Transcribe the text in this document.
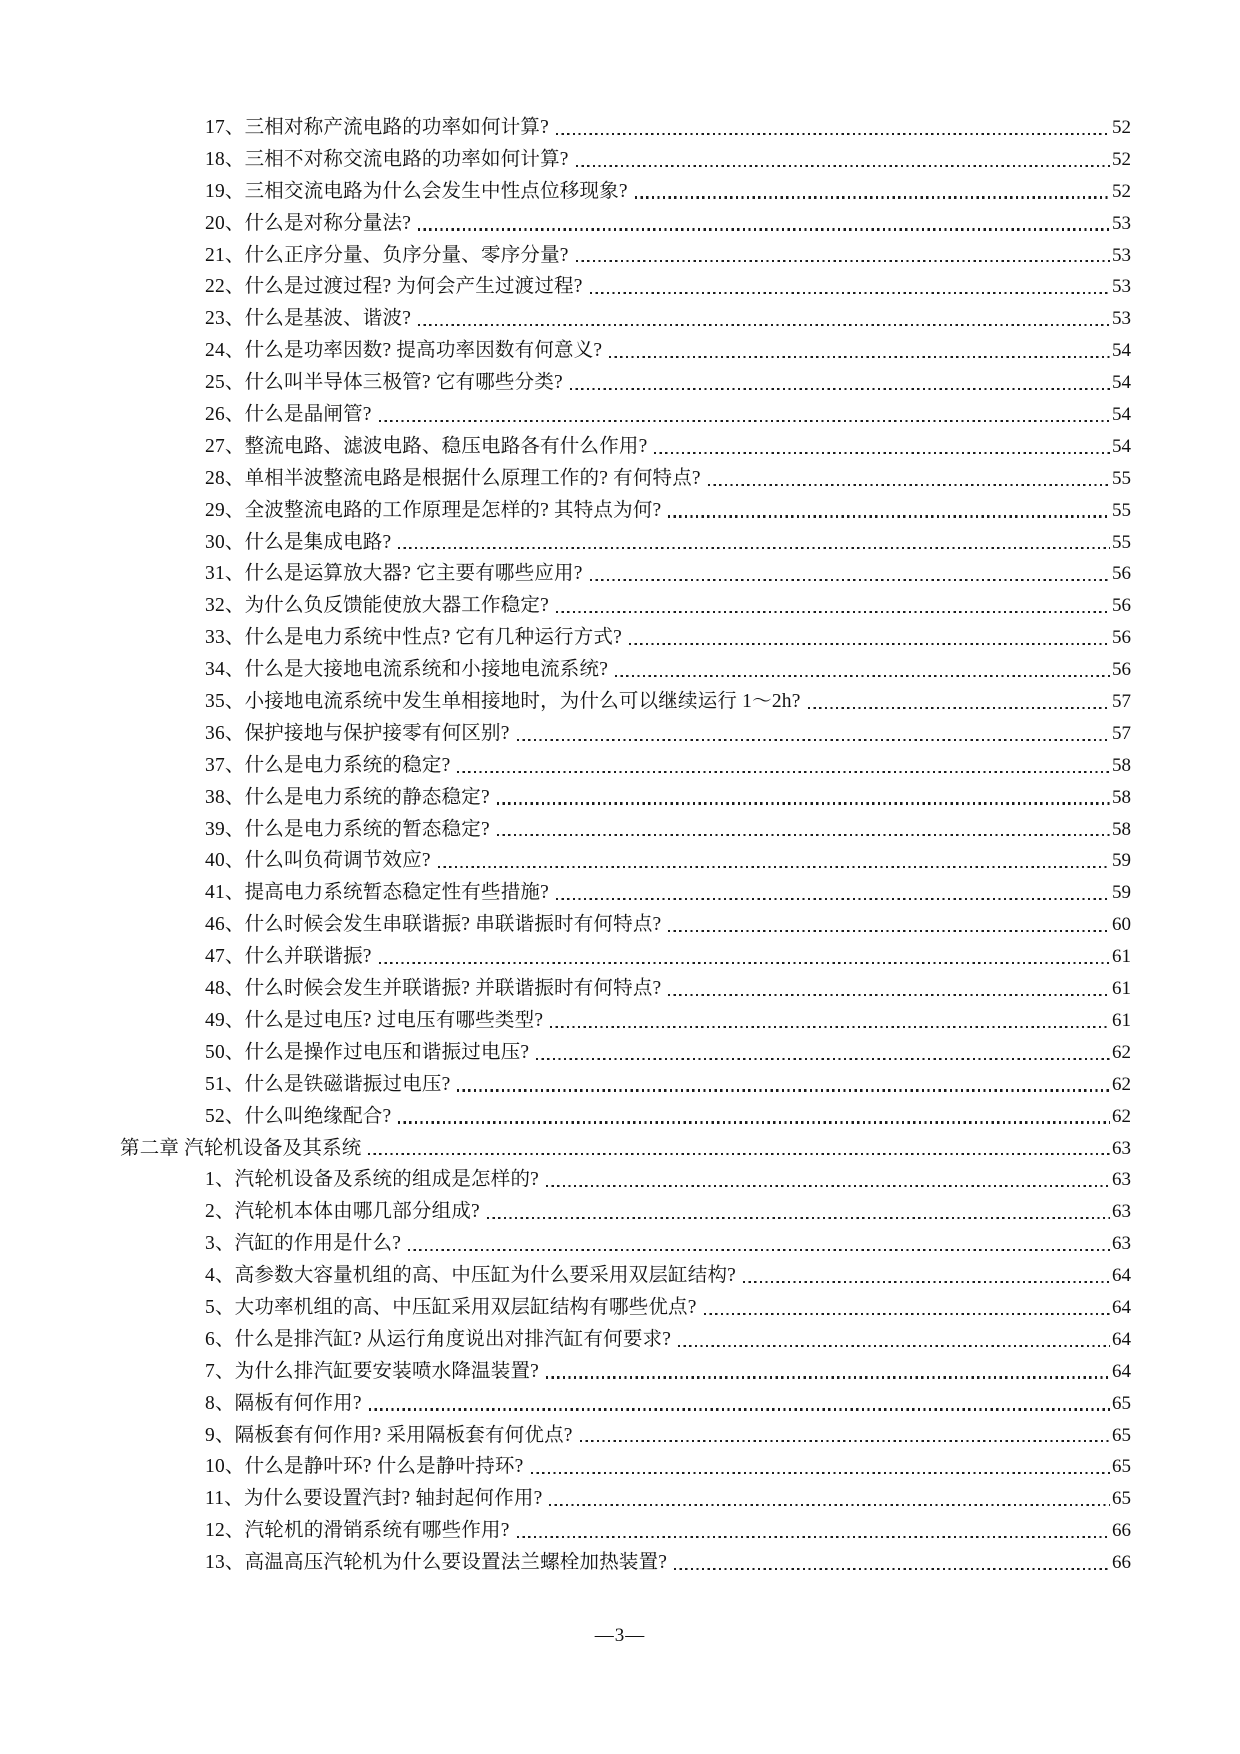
17、三相对称产流电路的功率如何计算?	52
18、三相不对称交流电路的功率如何计算?	52
19、三相交流电路为什么会发生中性点位移现象?	52
20、什么是对称分量法?	53
21、什么正序分量、负序分量、零序分量?	53
22、什么是过渡过程? 为何会产生过渡过程?	53
23、什么是基波、谐波?	53
24、什么是功率因数? 提高功率因数有何意义?	54
25、什么叫半导体三极管? 它有哪些分类?	54
26、什么是晶闸管?	54
27、整流电路、滤波电路、稳压电路各有什么作用?	54
28、单相半波整流电路是根据什么原理工作的? 有何特点?	55
29、全波整流电路的工作原理是怎样的? 其特点为何?	55
30、什么是集成电路?	55
31、什么是运算放大器? 它主要有哪些应用?	56
32、为什么负反馈能使放大器工作稳定?	56
33、什么是电力系统中性点? 它有几种运行方式?	56
34、什么是大接地电流系统和小接地电流系统?	56
35、小接地电流系统中发生单相接地时，为什么可以继续运行 1～2h?	57
36、保护接地与保护接零有何区别?	57
37、什么是电力系统的稳定?	58
38、什么是电力系统的静态稳定?	58
39、什么是电力系统的暂态稳定?	58
40、什么叫负荷调节效应?	59
41、提高电力系统暂态稳定性有些措施?	59
46、什么时候会发生串联谐振? 串联谐振时有何特点?	60
47、什么并联谐振?	61
48、什么时候会发生并联谐振? 并联谐振时有何特点?	61
49、什么是过电压? 过电压有哪些类型?	61
50、什么是操作过电压和谐振过电压?	62
51、什么是铁磁谐振过电压?	62
52、什么叫绝缘配合?	62
第二章 汽轮机设备及其系统	63
1、汽轮机设备及系统的组成是怎样的?	63
2、汽轮机本体由哪几部分组成?	63
3、汽缸的作用是什么?	63
4、高参数大容量机组的高、中压缸为什么要采用双层缸结构?	64
5、大功率机组的高、中压缸采用双层缸结构有哪些优点?	64
6、什么是排汽缸? 从运行角度说出对排汽缸有何要求?	64
7、为什么排汽缸要安装喷水降温装置?	64
8、隔板有何作用?	65
9、隔板套有何作用? 采用隔板套有何优点?	65
10、什么是静叶环? 什么是静叶持环?	65
11、为什么要设置汽封? 轴封起何作用?	65
12、汽轮机的滑销系统有哪些作用?	66
13、高温高压汽轮机为什么要设置法兰螺栓加热装置?	66
—3—
